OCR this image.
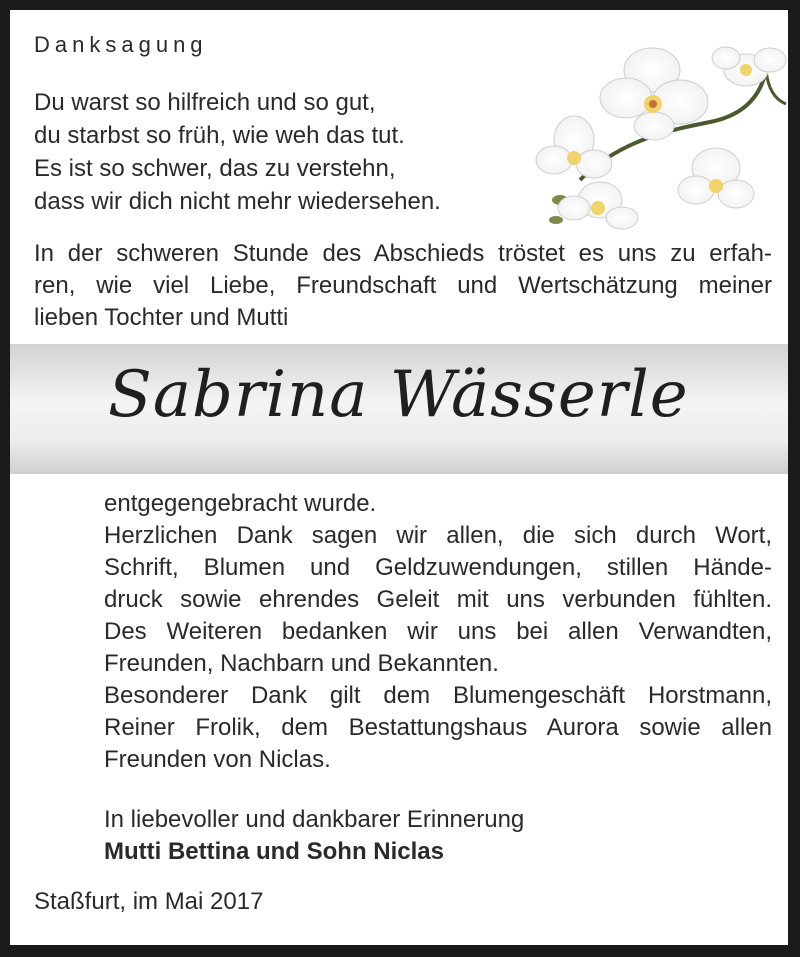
Danksagung
Du warst so hilfreich und so gut,
du starbst so früh, wie weh das tut.
Es ist so schwer, das zu verstehn,
dass wir dich nicht mehr wiedersehen.
In der schweren Stunde des Abschieds tröstet es uns zu erfah-
ren, wie viel Liebe, Freundschaft und Wertschätzung meiner
lieben Tochter und Mutti
Sabrina Wässerle
entgegengebracht wurde.
Herzlichen Dank sagen wir allen, die sich durch Wort,
Schrift, Blumen und Geldzuwendungen, stillen Hände-
druck sowie ehrendes Geleit mit uns verbunden fühlten.
Des Weiteren bedanken wir uns bei allen Verwandten,
Freunden, Nachbarn und Bekannten.
Besonderer Dank gilt dem Blumengeschäft Horstmann,
Reiner Frolik, dem Bestattungshaus Aurora sowie allen
Freunden von Niclas.
In liebevoller und dankbarer Erinnerung
Mutti Bettina und Sohn Niclas
Staßfurt, im Mai 2017
